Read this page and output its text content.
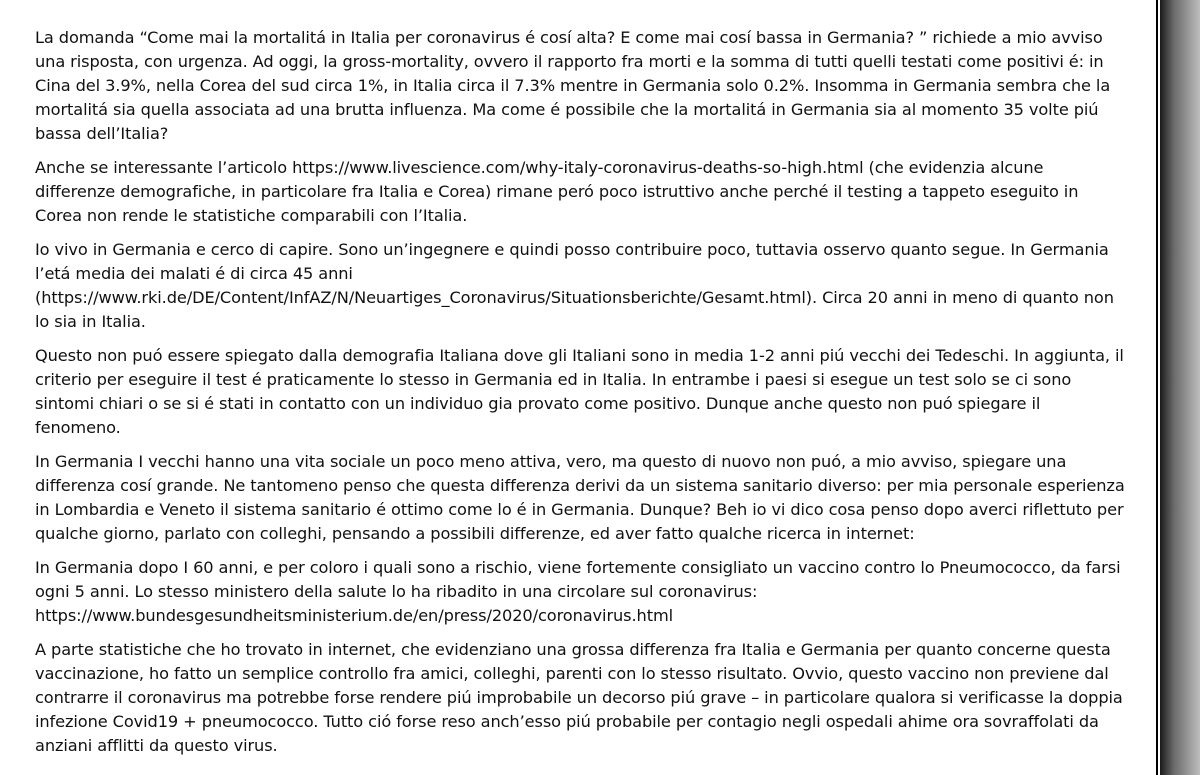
La domanda “Come mai la mortalitá in Italia per coronavirus é cosí alta? E come mai cosí bassa in Germania? ” richiede a mio avviso una risposta, con urgenza. Ad oggi, la gross-mortality, ovvero il rapporto fra morti e la somma di tutti quelli testati come positivi é: in Cina del 3.9%, nella Corea del sud circa 1%, in Italia circa il 7.3% mentre in Germania solo 0.2%. Insomma in Germania sembra che la mortalitá sia quella associata ad una brutta influenza. Ma come é possibile che la mortalitá in Germania sia al momento 35 volte piú bassa dell’Italia?

Anche se interessante l’articolo https://www.livescience.com/why-italy-coronavirus-deaths-so-high.html (che evidenzia alcune differenze demografiche, in particolare fra Italia e Corea) rimane peró poco istruttivo anche perché il testing a tappeto eseguito in Corea non rende le statistiche comparabili con l’Italia.

Io vivo in Germania e cerco di capire. Sono un’ingegnere e quindi posso contribuire poco, tuttavia osservo quanto segue. In Germania l’etá media dei malati é di circa 45 anni (https://www.rki.de/DE/Content/InfAZ/N/Neuartiges_Coronavirus/Situationsberichte/Gesamt.html). Circa 20 anni in meno di quanto non lo sia in Italia.

Questo non puó essere spiegato dalla demografia Italiana dove gli Italiani sono in media 1-2 anni piú vecchi dei Tedeschi. In aggiunta, il criterio per eseguire il test é praticamente lo stesso in Germania ed in Italia. In entrambe i paesi si esegue un test solo se ci sono sintomi chiari o se si é stati in contatto con un individuo gia provato come positivo. Dunque anche questo non puó spiegare il fenomeno.

In Germania I vecchi hanno una vita sociale un poco meno attiva, vero, ma questo di nuovo non puó, a mio avviso, spiegare una differenza cosí grande. Ne tantomeno penso che questa differenza derivi da un sistema sanitario diverso: per mia personale esperienza in Lombardia e Veneto il sistema sanitario é ottimo come lo é in Germania. Dunque? Beh io vi dico cosa penso dopo averci riflettuto per qualche giorno, parlato con colleghi, pensando a possibili differenze, ed aver fatto qualche ricerca in internet:

In Germania dopo I 60 anni, e per coloro i quali sono a rischio, viene fortemente consigliato un vaccino contro lo Pneumococco, da farsi ogni 5 anni. Lo stesso ministero della salute lo ha ribadito in una circolare sul coronavirus: https://www.bundesgesundheitsministerium.de/en/press/2020/coronavirus.html

A parte statistiche che ho trovato in internet, che evidenziano una grossa differenza fra Italia e Germania per quanto concerne questa vaccinazione, ho fatto un semplice controllo fra amici, colleghi, parenti con lo stesso risultato. Ovvio, questo vaccino non previene dal contrarre il coronavirus ma potrebbe forse rendere piú improbabile un decorso piú grave – in particolare qualora si verificasse la doppia infezione Covid19 + pneumococco. Tutto ció forse reso anch’esso piú probabile per contagio negli ospedali ahime ora sovraffolati da anziani afflitti da questo virus.
